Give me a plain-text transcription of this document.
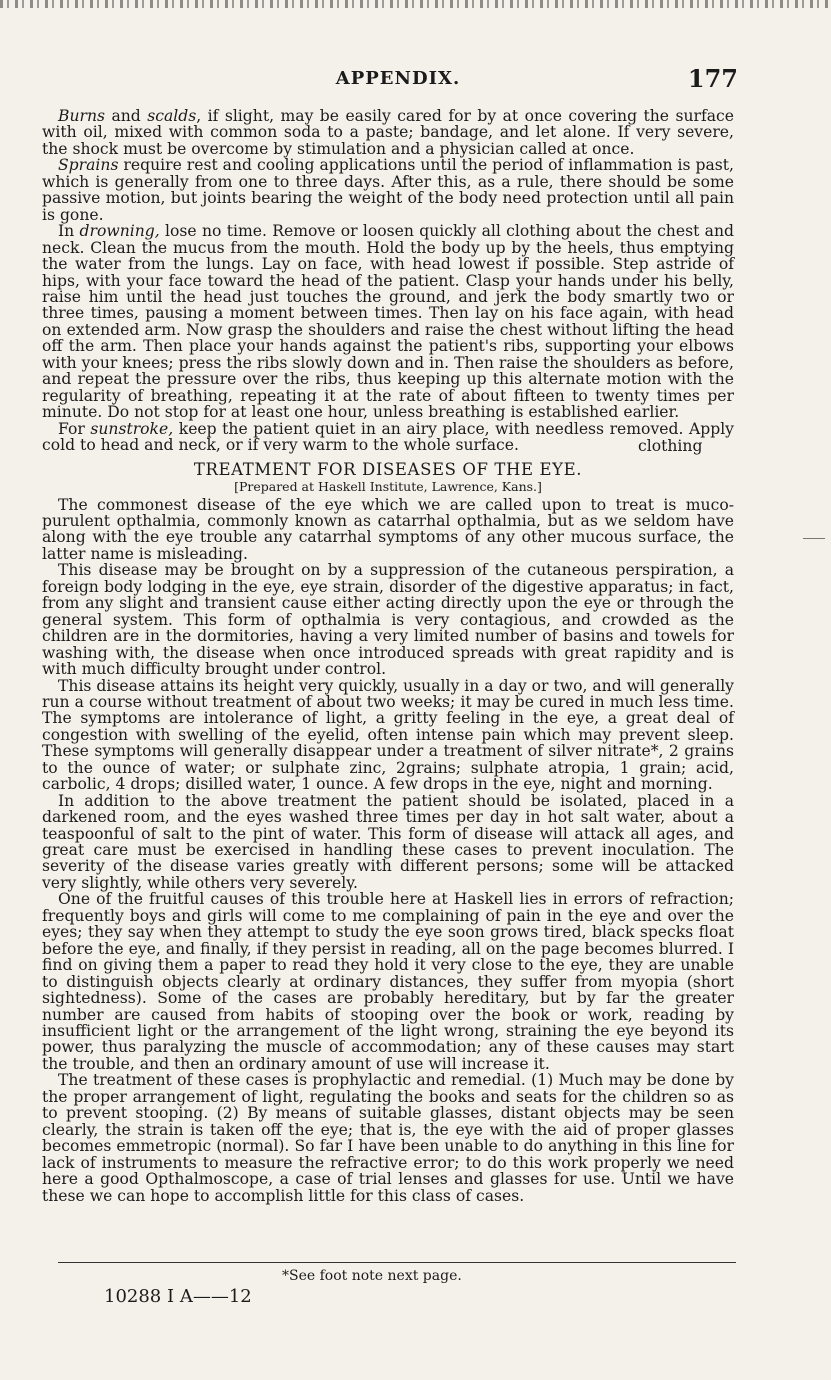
APPENDIX.	177

Burns and scalds, if slight, may be easily cared for by at once covering the surface with oil, mixed with common soda to a paste; bandage, and let alone. If very severe, the shock must be overcome by stimulation and a physician called at once.

Sprains require rest and cooling applications until the period of inflammation is past, which is generally from one to three days. After this, as a rule, there should be some passive motion, but joints bearing the weight of the body need protection until all pain is gone.

In drowning, lose no time. Remove or loosen quickly all clothing about the chest and neck. Clean the mucus from the mouth. Hold the body up by the heels, thus emptying the water from the lungs. Lay on face, with head lowest if possible. Step astride of hips, with your face toward the head of the patient. Clasp your hands under his belly, raise him until the head just touches the ground, and jerk the body smartly two or three times, pausing a moment between times. Then lay on his face again, with head on extended arm. Now grasp the shoulders and raise the chest without lifting the head off the arm. Then place your hands against the patient's ribs, supporting your elbows with your knees; press the ribs slowly down and in. Then raise the shoulders as before, and repeat the pressure over the ribs, thus keeping up this alternate motion with the regularity of breathing, repeating it at the rate of about fifteen to twenty times per minute. Do not stop for at least one hour, unless breathing is established earlier.

For sunstroke, keep the patient quiet in an airy place, with needless removed. Apply cold to head and neck, or if very warm to the whole surface.

TREATMENT FOR DISEASES OF THE EYE.
[Prepared at Haskell Institute, Lawrence, Kans.]

The commonest disease of the eye which we are called upon to treat is muco-purulent opthalmia, commonly known as catarrhal opthalmia, but as we seldom have along with the eye trouble any catarrhal symptoms of any other mucous surface, the latter name is misleading.

This disease may be brought on by a suppression of the cutaneous perspiration, a foreign body lodging in the eye, eye strain, disorder of the digestive apparatus; in fact, from any slight and transient cause either acting directly upon the eye or through the general system. This form of opthalmia is very contagious, and crowded as the children are in the dormitories, having a very limited number of basins and towels for washing with, the disease when once introduced spreads with great rapidity and is with much difficulty brought under control.

This disease attains its height very quickly, usually in a day or two, and will generally run a course without treatment of about two weeks; it may be cured in much less time. The symptoms are intolerance of light, a gritty feeling in the eye, a great deal of congestion with swelling of the eyelid, often intense pain which may prevent sleep. These symptoms will generally disappear under a treatment of silver nitrate*, 2 grains to the ounce of water; or sulphate zinc, 2grains; sulphate atropia, 1 grain; acid, carbolic, 4 drops; disilled water, 1 ounce. A few drops in the eye, night and morning.

In addition to the above treatment the patient should be isolated, placed in a darkened room, and the eyes washed three times per day in hot salt water, about a teaspoonful of salt to the pint of water. This form of disease will attack all ages, and great care must be exercised in handling these cases to prevent inoculation. The severity of the disease varies greatly with different persons; some will be attacked very slightly, while others very severely.

One of the fruitful causes of this trouble here at Haskell lies in errors of refraction; frequently boys and girls will come to me complaining of pain in the eye and over the eyes; they say when they attempt to study the eye soon grows tired, black specks float before the eye, and finally, if they persist in reading, all on the page becomes blurred. I find on giving them a paper to read they hold it very close to the eye, they are unable to distinguish objects clearly at ordinary distances, they suffer from myopia (short sightedness). Some of the cases are probably hereditary, but by far the greater number are caused from habits of stooping over the book or work, reading by insufficient light or the arrangement of the light wrong, straining the eye beyond its power, thus paralyzing the muscle of accommodation; any of these causes may start the trouble, and then an ordinary amount of use will increase it.

The treatment of these cases is prophylactic and remedial. (1) Much may be done by the proper arrangement of light, regulating the books and seats for the children so as to prevent stooping. (2) By means of suitable glasses, distant objects may be seen clearly, the strain is taken off the eye; that is, the eye with the aid of proper glasses becomes emmetropic (normal). So far I have been unable to do anything in this line for lack of instruments to measure the refractive error; to do this work properly we need here a good Opthalmoscope, a case of trial lenses and glasses for use. Until we have these we can hope to accomplish little for this class of cases.

clothing
*See foot note next page.
10288 I A——12
